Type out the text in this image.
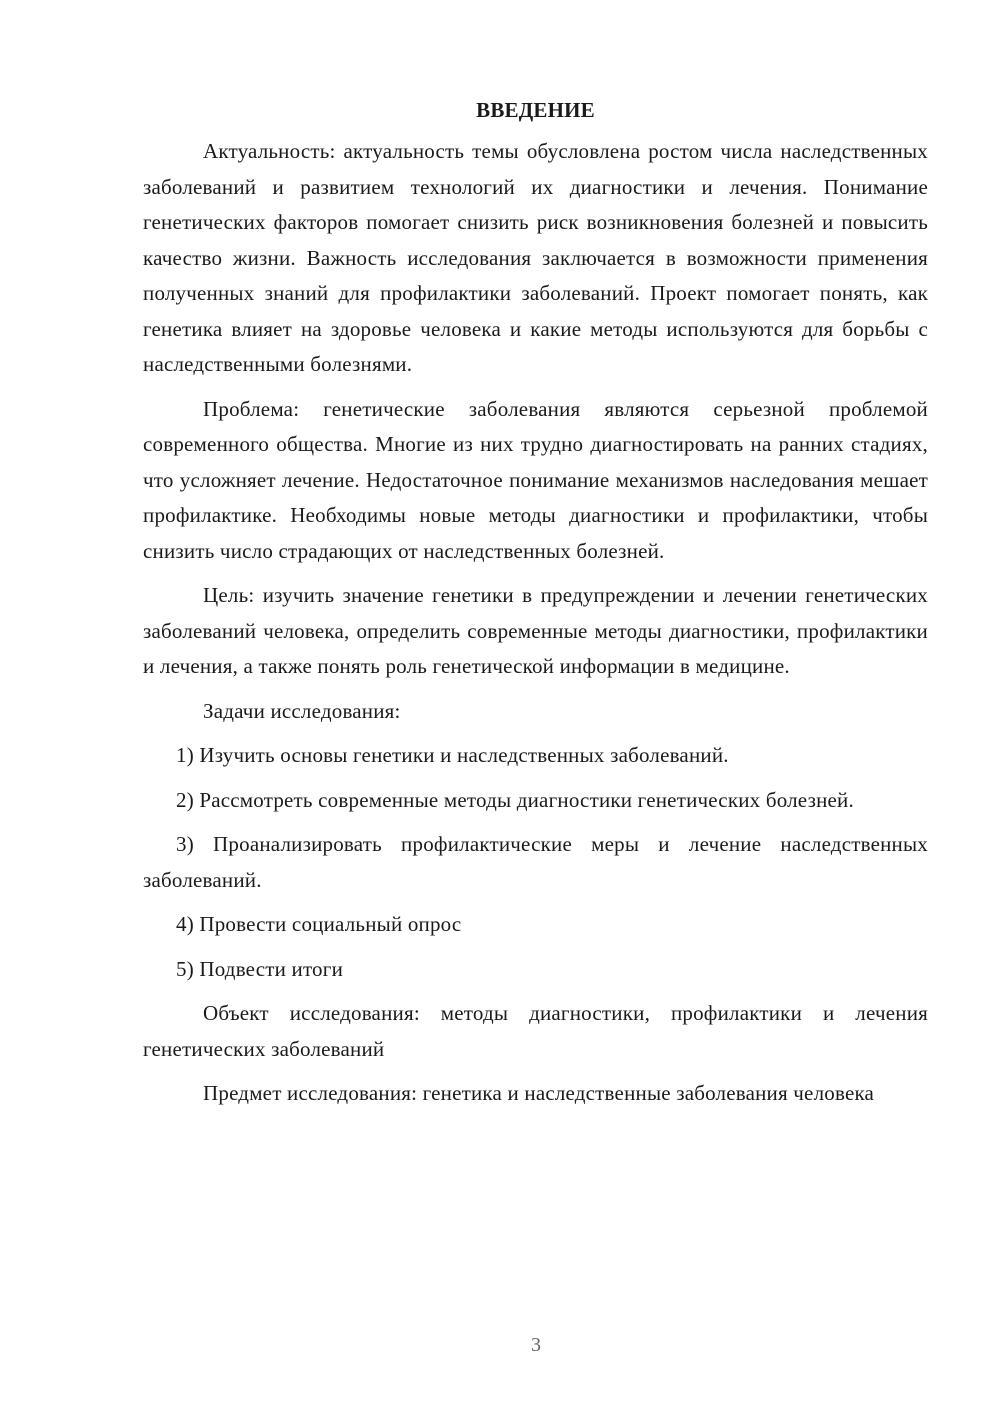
ВВЕДЕНИЕ

Актуальность: актуальность темы обусловлена ростом числа наследственных заболеваний и развитием технологий их диагностики и лечения. Понимание генетических факторов помогает снизить риск возникновения болезней и повысить качество жизни. Важность исследования заключается в возможности применения полученных знаний для профилактики заболеваний. Проект помогает понять, как генетика влияет на здоровье человека и какие методы используются для борьбы с наследственными болезнями.

Проблема: генетические заболевания являются серьезной проблемой современного общества. Многие из них трудно диагностировать на ранних стадиях, что усложняет лечение. Недостаточное понимание механизмов наследования мешает профилактике. Необходимы новые методы диагностики и профилактики, чтобы снизить число страдающих от наследственных болезней.

Цель: изучить значение генетики в предупреждении и лечении генетических заболеваний человека, определить современные методы диагностики, профилактики и лечения, а также понять роль генетической информации в медицине.

Задачи исследования:

1) Изучить основы генетики и наследственных заболеваний.

2) Рассмотреть современные методы диагностики генетических болезней.

3) Проанализировать профилактические меры и лечение наследственных заболеваний.

4) Провести социальный опрос

5) Подвести итоги

Объект исследования: методы диагностики, профилактики и лечения генетических заболеваний

Предмет исследования: генетика и наследственные заболевания человека

3
